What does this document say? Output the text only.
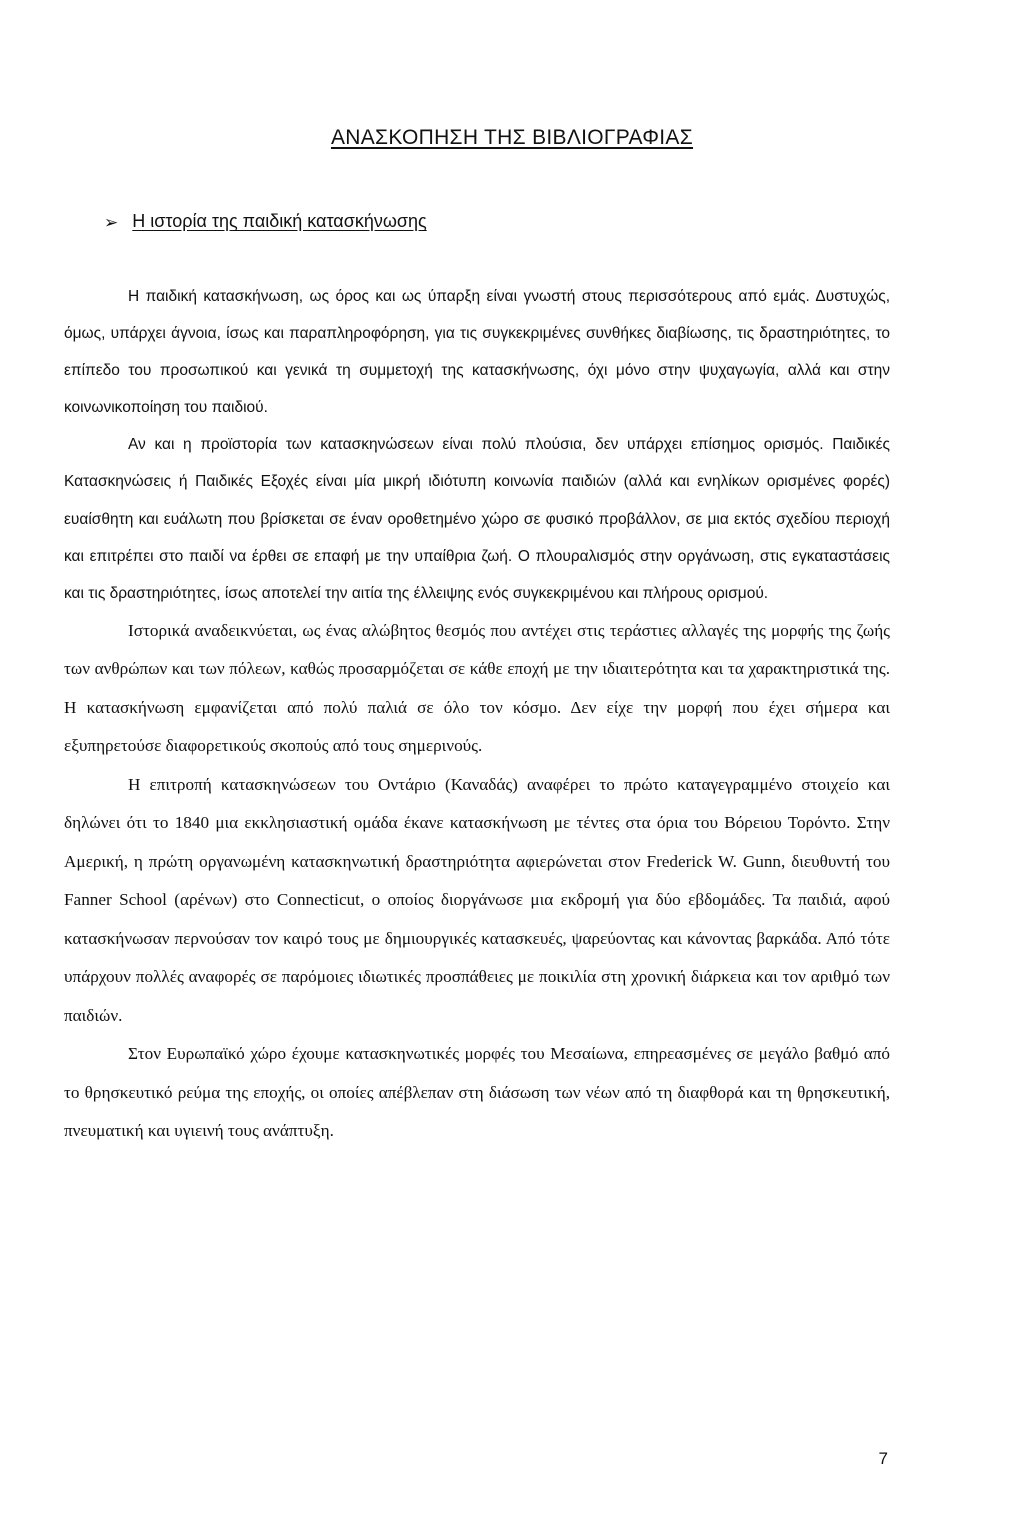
ΑΝΑΣΚΟΠΗΣΗ ΤΗΣ ΒΙΒΛΙΟΓΡΑΦΙΑΣ
➢ Η ιστορία της παιδική κατασκήνωσης

Η παιδική κατασκήνωση, ως όρος και ως ύπαρξη είναι γνωστή στους περισσότερους από εμάς. Δυστυχώς, όμως, υπάρχει άγνοια, ίσως και παραπληροφόρηση, για τις συγκεκριμένες συνθήκες διαβίωσης, τις δραστηριότητες, το επίπεδο του προσωπικού και γενικά τη συμμετοχή της κατασκήνωσης, όχι μόνο στην ψυχαγωγία, αλλά και στην κοινωνικοποίηση του παιδιού.

Αν και η προϊστορία των κατασκηνώσεων είναι πολύ πλούσια, δεν υπάρχει επίσημος ορισμός. Παιδικές Κατασκηνώσεις ή Παιδικές Εξοχές είναι μία μικρή ιδιότυπη κοινωνία παιδιών (αλλά και ενηλίκων ορισμένες φορές) ευαίσθητη και ευάλωτη που βρίσκεται σε έναν οροθετημένο χώρο σε φυσικό προβάλλον, σε μια εκτός σχεδίου περιοχή και επιτρέπει στο παιδί να έρθει σε επαφή με την υπαίθρια ζωή. Ο πλουραλισμός στην οργάνωση, στις εγκαταστάσεις και τις δραστηριότητες, ίσως αποτελεί την αιτία της έλλειψης ενός συγκεκριμένου και πλήρους ορισμού.

Ιστορικά αναδεικνύεται, ως ένας αλώβητος θεσμός που αντέχει στις τεράστιες αλλαγές της μορφής της ζωής των ανθρώπων και των πόλεων, καθώς προσαρμόζεται σε κάθε εποχή με την ιδιαιτερότητα και τα χαρακτηριστικά της. Η κατασκήνωση εμφανίζεται από πολύ παλιά σε όλο τον κόσμο. Δεν είχε την μορφή που έχει σήμερα και εξυπηρετούσε διαφορετικούς σκοπούς από τους σημερινούς.

Η επιτροπή κατασκηνώσεων του Οντάριο (Καναδάς) αναφέρει το πρώτο καταγεγραμμένο στοιχείο και δηλώνει ότι το 1840 μια εκκλησιαστική ομάδα έκανε κατασκήνωση με τέντες στα όρια του Βόρειου Τορόντο. Στην Αμερική, η πρώτη οργανωμένη κατασκηνωτική δραστηριότητα αφιερώνεται στον Frederick W. Gunn, διευθυντή του Fanner School (αρένων) στο Connecticut, ο οποίος διοργάνωσε μια εκδρομή για δύο εβδομάδες. Τα παιδιά, αφού κατασκήνωσαν περνούσαν τον καιρό τους με δημιουργικές κατασκευές, ψαρεύοντας και κάνοντας βαρκάδα. Από τότε υπάρχουν πολλές αναφορές σε παρόμοιες ιδιωτικές προσπάθειες με ποικιλία στη χρονική διάρκεια και τον αριθμό των παιδιών.

Στον Ευρωπαϊκό χώρο έχουμε κατασκηνωτικές μορφές του Μεσαίωνα, επηρεασμένες σε μεγάλο βαθμό από το θρησκευτικό ρεύμα της εποχής, οι οποίες απέβλεπαν στη διάσωση των νέων από τη διαφθορά και τη θρησκευτική, πνευματική και υγιεινή τους ανάπτυξη.

7
